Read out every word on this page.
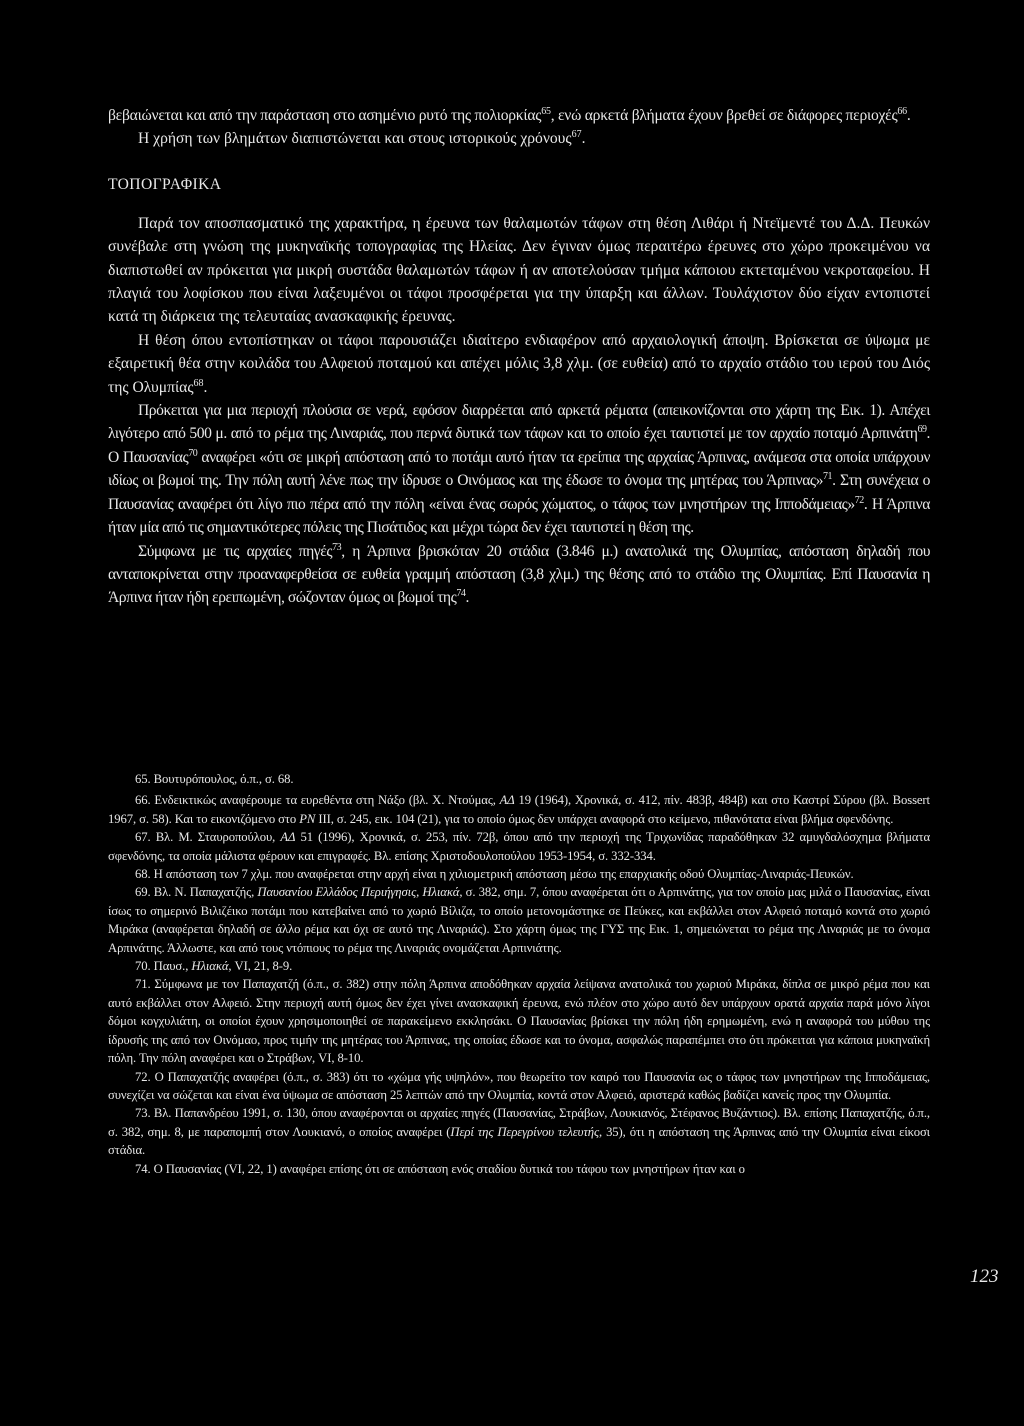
βεβαιώνεται και από την παράσταση στο ασημένιο ρυτό της πολιορκίας$^{65}$, ενώ αρκετά βλήματα έχουν βρεθεί σε διάφορες περιοχές$^{66}$.

Η χρήση των βλημάτων διαπιστώνεται και στους ιστορικούς χρόνους$^{67}$.

ΤΟΠΟΓΡΑΦΙΚΑ

Παρά τον αποσπασματικό της χαρακτήρα, η έρευνα των θαλαμωτών τάφων στη θέση Λιθάρι ή Ντεϊμεντέ του Δ.Δ. Πευκών συνέβαλε στη γνώση της μυκηναϊκής τοπογραφίας της Ηλείας. Δεν έγιναν όμως περαιτέρω έρευνες στο χώρο προκειμένου να διαπιστωθεί αν πρόκειται για μικρή συστάδα θαλαμωτών τάφων ή αν αποτελούσαν τμήμα κάποιου εκτεταμένου νεκροταφείου. Η πλαγιά του λοφίσκου που είναι λαξευμένοι οι τάφοι προσφέρεται για την ύπαρξη και άλλων. Τουλάχιστον δύο είχαν εντοπιστεί κατά τη διάρκεια της τελευταίας ανασκαφικής έρευνας.

Η θέση όπου εντοπίστηκαν οι τάφοι παρουσιάζει ιδιαίτερο ενδιαφέρον από αρχαιολογική άποψη. Βρίσκεται σε ύψωμα με εξαιρετική θέα στην κοιλάδα του Αλφειού ποταμού και απέχει μόλις 3,8 χλμ. (σε ευθεία) από το αρχαίο στάδιο του ιερού του Διός της Ολυμπίας$^{68}$.

Πρόκειται για μια περιοχή πλούσια σε νερά, εφόσον διαρρέεται από αρκετά ρέματα (απεικονίζονται στο χάρτη της Εικ. 1). Απέχει λιγότερο από 500 μ. από το ρέμα της Λιναριάς, που περνά δυτικά των τάφων και το οποίο έχει ταυτιστεί με τον αρχαίο ποταμό Αρπινάτη$^{69}$. Ο Παυσανίας$^{70}$ αναφέρει «ότι σε μικρή απόσταση από το ποτάμι αυτό ήταν τα ερείπια της αρχαίας Άρπινας, ανάμεσα στα οποία υπάρχουν ιδίως οι βωμοί της. Την πόλη αυτή λένε πως την ίδρυσε ο Οινόμαος και της έδωσε το όνομα της μητέρας του Άρπινας»$^{71}$. Στη συνέχεια ο Παυσανίας αναφέρει ότι λίγο πιο πέρα από την πόλη «είναι ένας σωρός χώματος, ο τάφος των μνηστήρων της Ιπποδάμειας»$^{72}$. Η Άρπινα ήταν μία από τις σημαντικότερες πόλεις της Πισάτιδος και μέχρι τώρα δεν έχει ταυτιστεί η θέση της.

Σύμφωνα με τις αρχαίες πηγές$^{73}$, η Άρπινα βρισκόταν 20 στάδια (3.846 μ.) ανατολικά της Ολυμπίας, απόσταση δηλαδή που ανταποκρίνεται στην προαναφερθείσα σε ευθεία γραμμή απόσταση (3,8 χλμ.) της θέσης από το στάδιο της Ολυμπίας. Επί Παυσανία η Άρπινα ήταν ήδη ερειπωμένη, σώζονταν όμως οι βωμοί της$^{74}$.

65. Βουτυρόπουλος, ό.π., σ. 68.

66. Ενδεικτικώς αναφέρουμε τα ευρεθέντα στη Νάξο (βλ. Χ. Ντούμας, ΑΔ 19 (1964), Χρονικά, σ. 412, πίν. 483β, 484β) και στο Καστρί Σύρου (βλ. Bossert 1967, σ. 58). Και το εικονιζόμενο στο PN III, σ. 245, εικ. 104 (21), για το οποίο όμως δεν υπάρχει αναφορά στο κείμενο, πιθανότατα είναι βλήμα σφενδόνης.

67. Βλ. Μ. Σταυροπούλου, ΑΔ 51 (1996), Χρονικά, σ. 253, πίν. 72β, όπου από την περιοχή της Τριχωνίδας παραδόθηκαν 32 αμυγδαλόσχημα βλήματα σφενδόνης, τα οποία μάλιστα φέρουν και επιγραφές. Βλ. επίσης Χριστοδουλοπούλου 1953-1954, σ. 332-334.

68. Η απόσταση των 7 χλμ. που αναφέρεται στην αρχή είναι η χιλιομετρική απόσταση μέσω της επαρχιακής οδού Ολυμπίας-Λιναριάς-Πευκών.

69. Βλ. Ν. Παπαχατζής, Παυσανίου Ελλάδος Περιήγησις, Ηλιακά, σ. 382, σημ. 7, όπου αναφέρεται ότι ο Αρπινάτης, για τον οποίο μας μιλά ο Παυσανίας, είναι ίσως το σημερινό Βιλιζέικο ποτάμι που κατεβαίνει από το χωριό Βίλιζα, το οποίο μετονομάστηκε σε Πεύκες, και εκβάλλει στον Αλφειό ποταμό κοντά στο χωριό Μιράκα (αναφέρεται δηλαδή σε άλλο ρέμα και όχι σε αυτό της Λιναριάς). Στο χάρτη όμως της ΓΥΣ της Εικ. 1, σημειώνεται το ρέμα της Λιναριάς με το όνομα Αρπινάτης. Άλλωστε, και από τους ντόπιους το ρέμα της Λιναριάς ονομάζεται Αρπινιάτης.

70. Παυσ., Ηλιακά, VI, 21, 8-9.

71. Σύμφωνα με τον Παπαχατζή (ό.π., σ. 382) στην πόλη Άρπινα αποδόθηκαν αρχαία λείψανα ανατολικά του χωριού Μιράκα, δίπλα σε μικρό ρέμα που και αυτό εκβάλλει στον Αλφειό. Στην περιοχή αυτή όμως δεν έχει γίνει ανασκαφική έρευνα, ενώ πλέον στο χώρο αυτό δεν υπάρχουν ορατά αρχαία παρά μόνο λίγοι δόμοι κογχυλιάτη, οι οποίοι έχουν χρησιμοποιηθεί σε παρακείμενο εκκλησάκι. Ο Παυσανίας βρίσκει την πόλη ήδη ερημωμένη, ενώ η αναφορά του μύθου της ίδρυσής της από τον Οινόμαο, προς τιμήν της μητέρας του Άρπινας, της οποίας έδωσε και το όνομα, ασφαλώς παραπέμπει στο ότι πρόκειται για κάποια μυκηναϊκή πόλη. Την πόλη αναφέρει και ο Στράβων, VI, 8-10.

72. Ο Παπαχατζής αναφέρει (ό.π., σ. 383) ότι το «χώμα γής υψηλόν», που θεωρείτο τον καιρό του Παυσανία ως ο τάφος των μνηστήρων της Ιπποδάμειας, συνεχίζει να σώζεται και είναι ένα ύψωμα σε απόσταση 25 λεπτών από την Ολυμπία, κοντά στον Αλφειό, αριστερά καθώς βαδίζει κανείς προς την Ολυμπία.

73. Βλ. Παπανδρέου 1991, σ. 130, όπου αναφέρονται οι αρχαίες πηγές (Παυσανίας, Στράβων, Λουκιανός, Στέφανος Βυζάντιος). Βλ. επίσης Παπαχατζής, ό.π., σ. 382, σημ. 8, με παραπομπή στον Λουκιανό, ο οποίος αναφέρει (Περί της Περεγρίνου τελευτής, 35), ότι η απόσταση της Άρπινας από την Ολυμπία είναι είκοσι στάδια.

74. Ο Παυσανίας (VI, 22, 1) αναφέρει επίσης ότι σε απόσταση ενός σταδίου δυτικά του τάφου των μνηστήρων ήταν και ο

123
